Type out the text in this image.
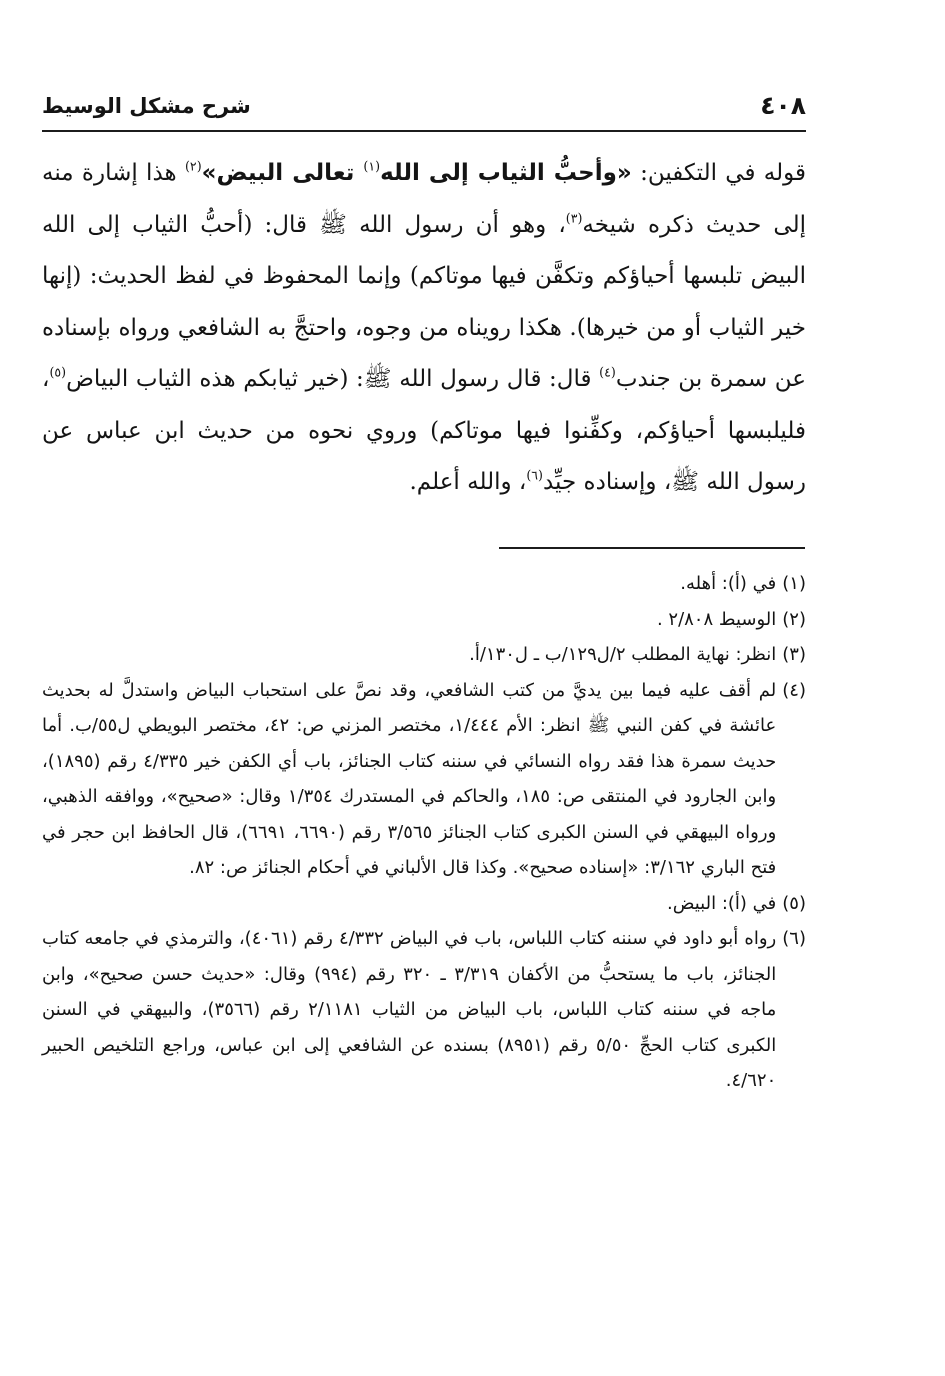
٤٠٨
شرح مشكل الوسيط

قوله في التكفين: «وأحبُّ الثياب إلى الله$^{(١)}$ تعالى البيض»$^{(٢)}$ هذا إشارة منه إلى حديث ذكره شيخه$^{(٣)}$، وهو أن رسول الله ﷺ قال: (أحبُّ الثياب إلى الله البيض تلبسها أحياؤكم وتكفَّن فيها موتاكم) وإنما المحفوظ في لفظ الحديث: (إنها خير الثياب أو من خيرها). هكذا رويناه من وجوه، واحتجَّ به الشافعي ورواه بإسناده عن سمرة بن جندب$^{(٤)}$ قال: قال رسول الله ﷺ: (خير ثيابكم هذه الثياب البياض$^{(٥)}$، فليلبسها أحياؤكم، وكفِّنوا فيها موتاكم) وروي نحوه من حديث ابن عباس عن رسول الله ﷺ، وإسناده جيِّد$^{(٦)}$، والله أعلم.

(١)
في (أ): أهله.
(٢)
الوسيط ٢/٨٠٨ .
(٣)
انظر: نهاية المطلب ٢/ل١٢٩/ب ـ ل١٣٠/أ.
(٤)
لم أقف عليه فيما بين يديَّ من كتب الشافعي، وقد نصَّ على استحباب البياض واستدلَّ له بحديث عائشة في كفن النبي ﷺ انظر: الأم ١/٤٤٤، مختصر المزني ص: ٤٢، مختصر البويطي ل٥٥/ب. أما حديث سمرة هذا فقد رواه النسائي في سننه كتاب الجنائز، باب أي الكفن خير ٤/٣٣٥ رقم (١٨٩٥)، وابن الجارود في المنتقى ص: ١٨٥، والحاكم في المستدرك ١/٣٥٤ وقال: «صحيح»، ووافقه الذهبي، ورواه البيهقي في السنن الكبرى كتاب الجنائز ٣/٥٦٥ رقم (٦٦٩٠، ٦٦٩١)، قال الحافظ ابن حجر في فتح الباري ٣/١٦٢: «إسناده صحيح». وكذا قال الألباني في أحكام الجنائز ص: ٨٢.
(٥)
في (أ): البيض.
(٦)
رواه أبو داود في سننه كتاب اللباس، باب في البياض ٤/٣٣٢ رقم (٤٠٦١)، والترمذي في جامعه كتاب الجنائز، باب ما يستحبُّ من الأكفان ٣/٣١٩ ـ ٣٢٠ رقم (٩٩٤) وقال: «حديث حسن صحيح»، وابن ماجه في سننه كتاب اللباس، باب البياض من الثياب ٢/١١٨١ رقم (٣٥٦٦)، والبيهقي في السنن الكبرى كتاب الحجِّ ٥/٥٠ رقم (٨٩٥١) بسنده عن الشافعي إلى ابن عباس، وراجع التلخيص الحبير ٤/٦٢٠.
